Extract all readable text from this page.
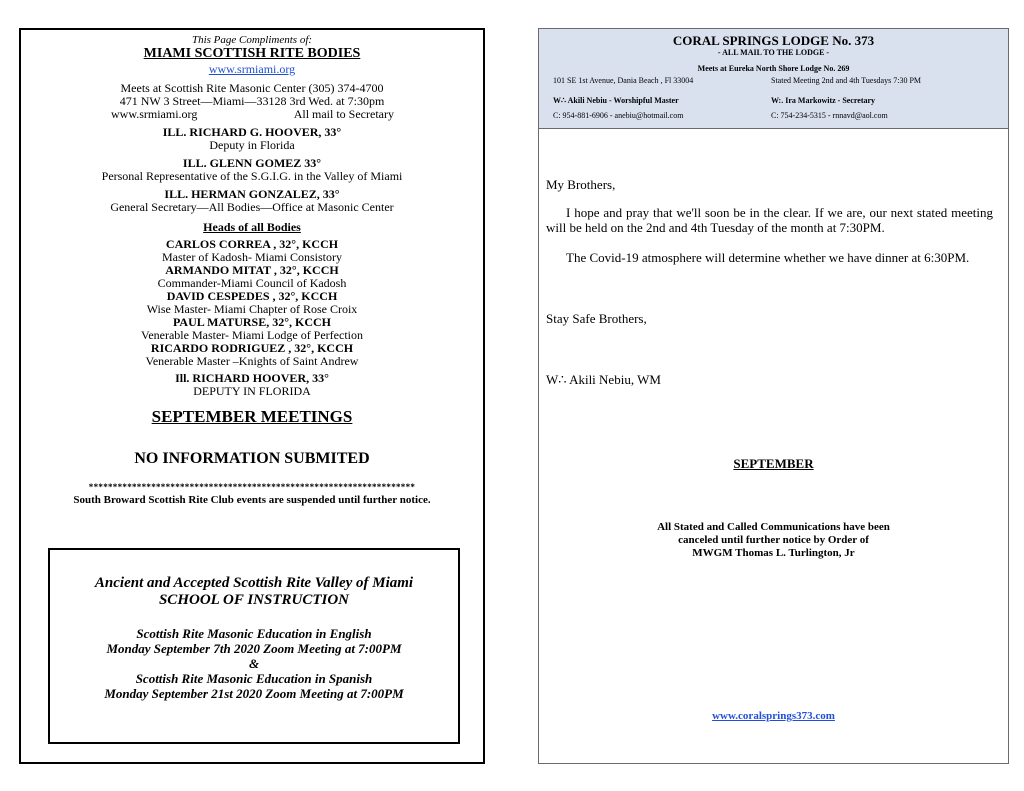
This Page Compliments of:
MIAMI SCOTTISH RITE BODIES
www.srmiami.org
Meets at Scottish Rite Masonic Center (305) 374-4700
471 NW 3 Street—Miami—33128 3rd Wed. at 7:30pm
www.srmiami.org	All mail to Secretary
ILL. RICHARD G. HOOVER, 33°
Deputy in Florida
ILL. GLENN GOMEZ 33°
Personal Representative of the S.G.I.G. in the Valley of Miami
ILL. HERMAN GONZALEZ, 33°
General Secretary—All Bodies—Office at Masonic Center
Heads of all Bodies
CARLOS CORREA , 32°, KCCH
Master of Kadosh- Miami Consistory
ARMANDO MITAT , 32°, KCCH
Commander-Miami Council of Kadosh
DAVID CESPEDES , 32°, KCCH
Wise Master- Miami Chapter of Rose Croix
PAUL MATURSE, 32°, KCCH
Venerable Master- Miami Lodge of Perfection
RICARDO RODRIGUEZ , 32°, KCCH
Venerable Master –Knights of Saint Andrew
Ill. RICHARD HOOVER, 33°
DEPUTY IN FLORIDA
SEPTEMBER MEETINGS
NO INFORMATION SUBMITED
********************************************************************
South Broward Scottish Rite Club events are suspended until further notice.
Ancient and Accepted Scottish Rite Valley of Miami
SCHOOL OF INSTRUCTION
Scottish Rite Masonic Education in English
Monday September 7th 2020 Zoom Meeting at 7:00PM
&
Scottish Rite Masonic Education in Spanish
Monday September 21st 2020 Zoom Meeting at 7:00PM
CORAL SPRINGS LODGE No. 373
- ALL MAIL TO THE LODGE -
Meets at Eureka North Shore Lodge No. 269
101 SE 1st Avenue, Dania Beach , Fl 33004	Stated Meeting 2nd and 4th Tuesdays 7:30 PM
W∴ Akili Nebiu - Worshipful Master	W:. Ira Markowitz - Secretary
C: 954-881-6906 - anebiu@hotmail.com	C: 754-234-5315 - rnnavd@aol.com
My Brothers,
I hope and pray that we'll soon be in the clear. If we are, our next stated meeting will be held on the 2nd and 4th Tuesday of the month at 7:30PM.
The Covid-19 atmosphere will determine whether we have dinner at 6:30PM.
Stay Safe Brothers,
W∴ Akili Nebiu, WM
SEPTEMBER
All Stated and Called Communications have been
canceled until further notice by Order of
MWGM Thomas L. Turlington, Jr
www.coralsprings373.com
